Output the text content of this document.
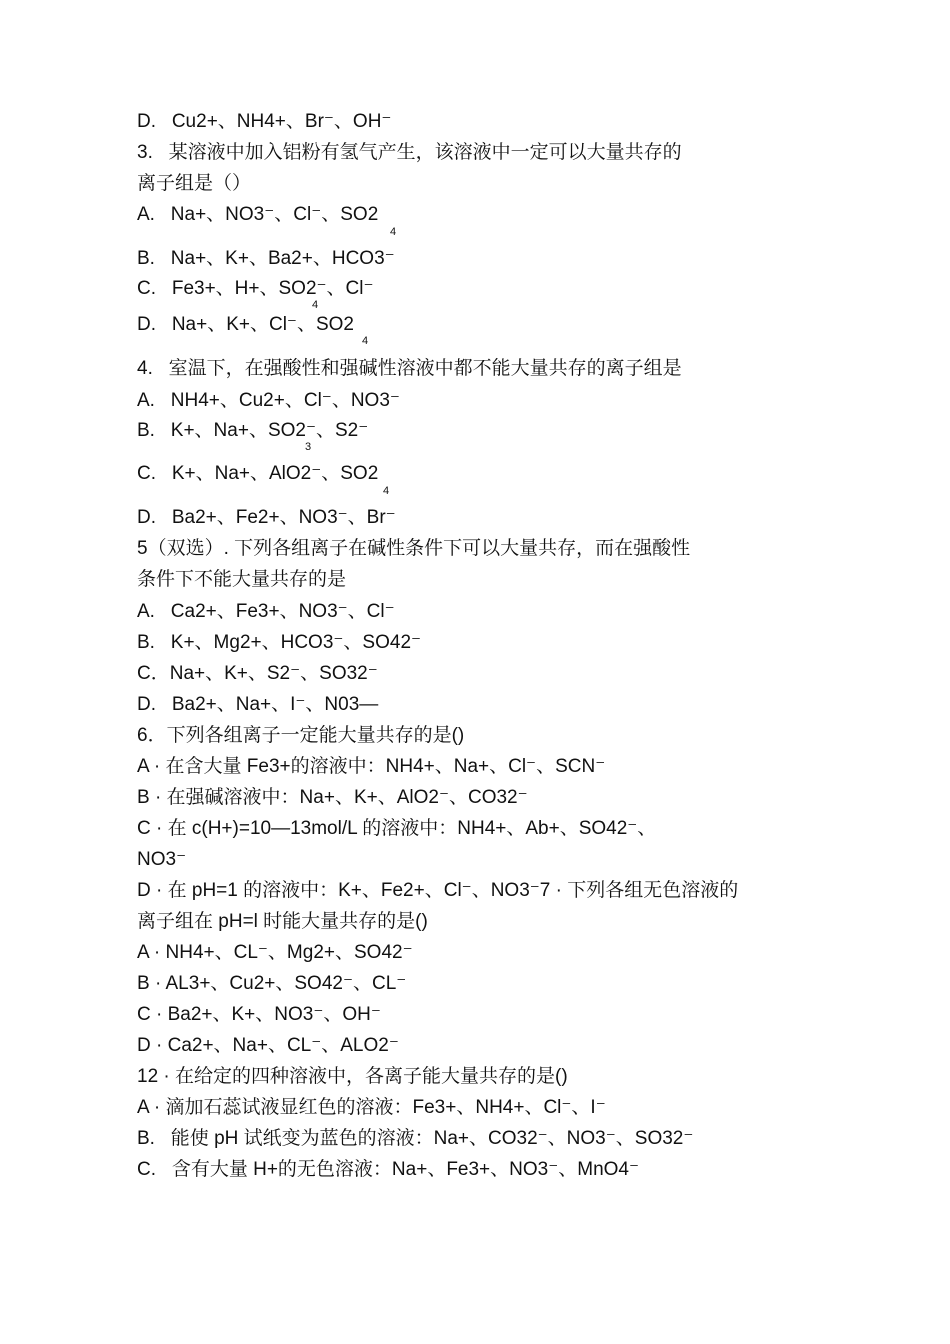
D.   Cu2+、NH4+、Br⁻、OH⁻
3.   某溶液中加入铝粉有氢气产生，该溶液中一定可以大量共存的
离子组是（）
A.   Na+、NO3⁻、Cl⁻、SO2
4
B.   Na+、K+、Ba2+、HCO3⁻
C.   Fe3+、H+、SO2⁻、Cl⁻
4
D.   Na+、K+、Cl⁻、SO2
4
4.   室温下，在强酸性和强碱性溶液中都不能大量共存的离子组是
A.   NH4+、Cu2+、Cl⁻、NO3⁻
B.   K+、Na+、SO2⁻、S2⁻
3
C.   K+、Na+、AlO2⁻、SO2
4
D.   Ba2+、Fe2+、NO3⁻、Br⁻
5（双选）. 下列各组离子在碱性条件下可以大量共存，而在强酸性
条件下不能大量共存的是
A.   Ca2+、Fe3+、NO3⁻、Cl⁻
B.   K+、Mg2+、HCO3⁻、SO42⁻
C．Na+、K+、S2⁻、SO32⁻
D.   Ba2+、Na+、I⁻、N03—
6．下列各组离子一定能大量共存的是()
A · 在含大量 Fe3+的溶液中：NH4+、Na+、Cl⁻、SCN⁻
B · 在强碱溶液中：Na+、K+、AlO2⁻、CO32⁻
C · 在 c(H+)=10—13mol/L 的溶液中：NH4+、Ab+、SO42⁻、
NO3⁻
D · 在 pH=1 的溶液中：K+、Fe2+、Cl⁻、NO3⁻7 · 下列各组无色溶液的
离子组在 pH=l 时能大量共存的是()
A · NH4+、CL⁻、Mg2+、SO42⁻
B · AL3+、Cu2+、SO42⁻、CL⁻
C · Ba2+、K+、NO3⁻、OH⁻
D · Ca2+、Na+、CL⁻、ALO2⁻
12 · 在给定的四种溶液中，各离子能大量共存的是()
A · 滴加石蕊试液显红色的溶液：Fe3+、NH4+、Cl⁻、I⁻
B.   能使 pH 试纸变为蓝色的溶液：Na+、CO32⁻、NO3⁻、SO32⁻
C.   含有大量 H+的无色溶液：Na+、Fe3+、NO3⁻、MnO4⁻
